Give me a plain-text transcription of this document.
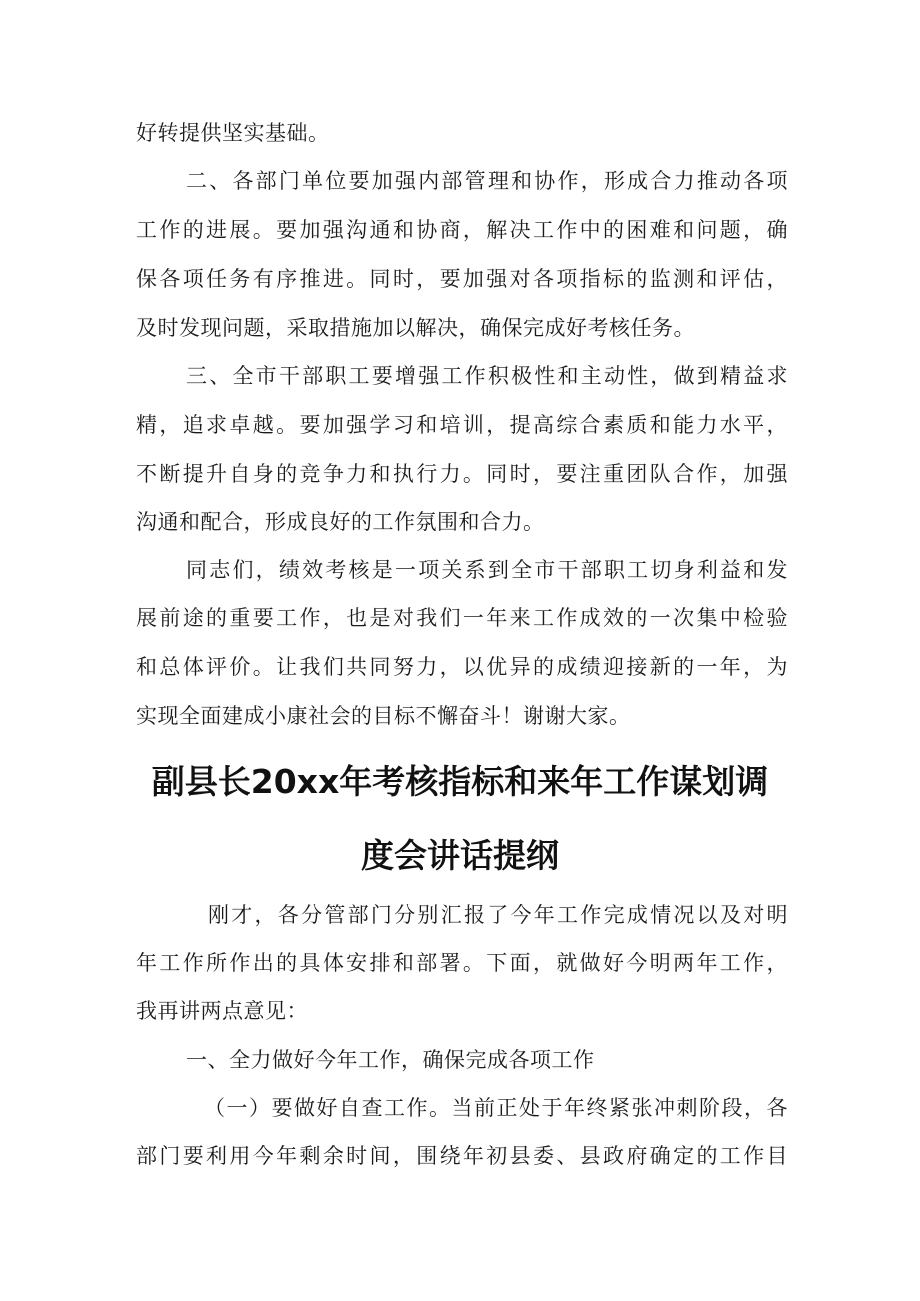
好转提供坚实基础。
二、各部门单位要加强内部管理和协作，形成合力推动各项
工作的进展。要加强沟通和协商，解决工作中的困难和问题，确
保各项任务有序推进。同时，要加强对各项指标的监测和评估，
及时发现问题，采取措施加以解决，确保完成好考核任务。
三、全市干部职工要增强工作积极性和主动性，做到精益求
精，追求卓越。要加强学习和培训，提高综合素质和能力水平，
不断提升自身的竞争力和执行力。同时，要注重团队合作，加强
沟通和配合，形成良好的工作氛围和合力。
同志们，绩效考核是一项关系到全市干部职工切身利益和发
展前途的重要工作，也是对我们一年来工作成效的一次集中检验
和总体评价。让我们共同努力，以优异的成绩迎接新的一年，为
实现全面建成小康社会的目标不懈奋斗！谢谢大家。
副县长20xx年考核指标和来年工作谋划调
度会讲话提纲
刚才，各分管部门分别汇报了今年工作完成情况以及对明
年工作所作出的具体安排和部署。下面，就做好今明两年工作，
我再讲两点意见：
一、全力做好今年工作，确保完成各项工作
（一）要做好自查工作。当前正处于年终紧张冲刺阶段，各
部门要利用今年剩余时间，围绕年初县委、县政府确定的工作目
